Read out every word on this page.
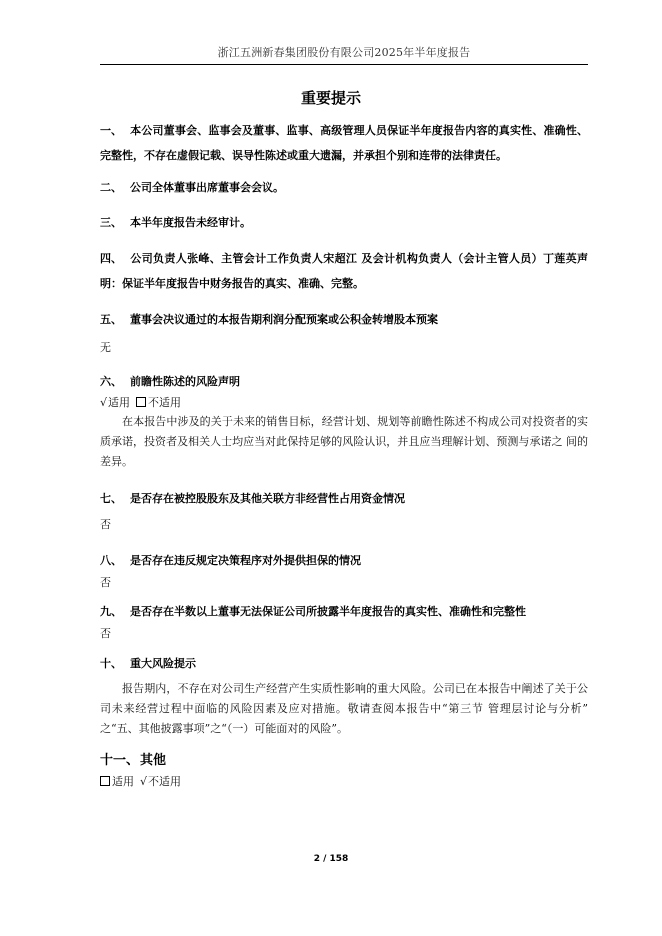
浙江五洲新春集团股份有限公司2025年半年度报告
重要提示

一、 本公司董事会、监事会及董事、监事、高级管理人员保证半年度报告内容的真实性、准确性、完整性，不存在虚假记载、误导性陈述或重大遗漏，并承担个别和连带的法律责任。

二、 公司全体董事出席董事会会议。

三、 本半年度报告未经审计。

四、 公司负责人张峰、主管会计工作负责人宋超江 及会计机构负责人（会计主管人员）丁莲英声明：保证半年度报告中财务报告的真实、准确、完整。

五、 董事会决议通过的本报告期利润分配预案或公积金转增股本预案

无

六、 前瞻性陈述的风险声明

√适用 不适用

在本报告中涉及的关于未来的销售目标，经营计划、规划等前瞻性陈述不构成公司对投资者的实 质承诺，投资者及相关人士均应当对此保持足够的风险认识，并且应当理解计划、预测与承诺之 间的差异。

七、 是否存在被控股股东及其他关联方非经营性占用资金情况

否

八、 是否存在违反规定决策程序对外提供担保的情况

否

九、 是否存在半数以上董事无法保证公司所披露半年度报告的真实性、准确性和完整性

否

十、 重大风险提示

报告期内，不存在对公司生产经营产生实质性影响的重大风险。公司已在本报告中阐述了关于公 司未来经营过程中面临的风险因素及应对措施。敬请查阅本报告中“第三节 管理层讨论与分析” 之“五、其他披露事项”之“（一）可能面对的风险”。

十一、其他

适用 √不适用

2 / 158
